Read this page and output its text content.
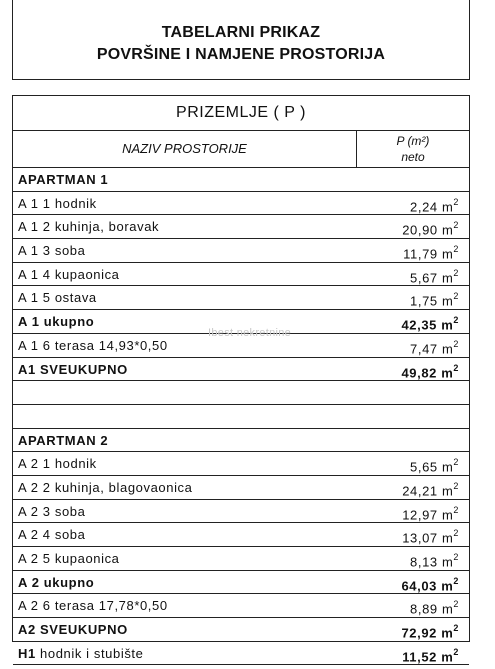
TABELARNI PRIKAZ
POVRŠINE I NAMJENE PROSTORIJA
PRIZEMLJE ( P )
NAZIV PROSTORIJE	P (m²)
neto
APARTMAN 1
A 1 1 hodnik	2,24 $m^2$
A 1 2 kuhinja, boravak	20,90 $m^2$
A 1 3 soba	11,79 $m^2$
A 1 4 kupaonica	5,67 $m^2$
A 1 5 ostava	1,75 $m^2$
A 1 ukupno	42,35 $m^2$
A 1 6 terasa 14,93*0,50	7,47 $m^2$
A1 SVEUKUPNO	49,82 $m^2$
APARTMAN 2
A 2 1 hodnik	5,65 $m^2$
A 2 2 kuhinja, blagovaonica	24,21 $m^2$
A 2 3 soba	12,97 $m^2$
A 2 4 soba	13,07 $m^2$
A 2 5 kupaonica	8,13 $m^2$
A 2 ukupno	64,03 $m^2$
A 2 6 terasa 17,78*0,50	8,89 $m^2$
A2 SVEUKUPNO	72,92 $m^2$
H1 hodnik i stubište	11,52 $m^2$
Ibest nekretnine
